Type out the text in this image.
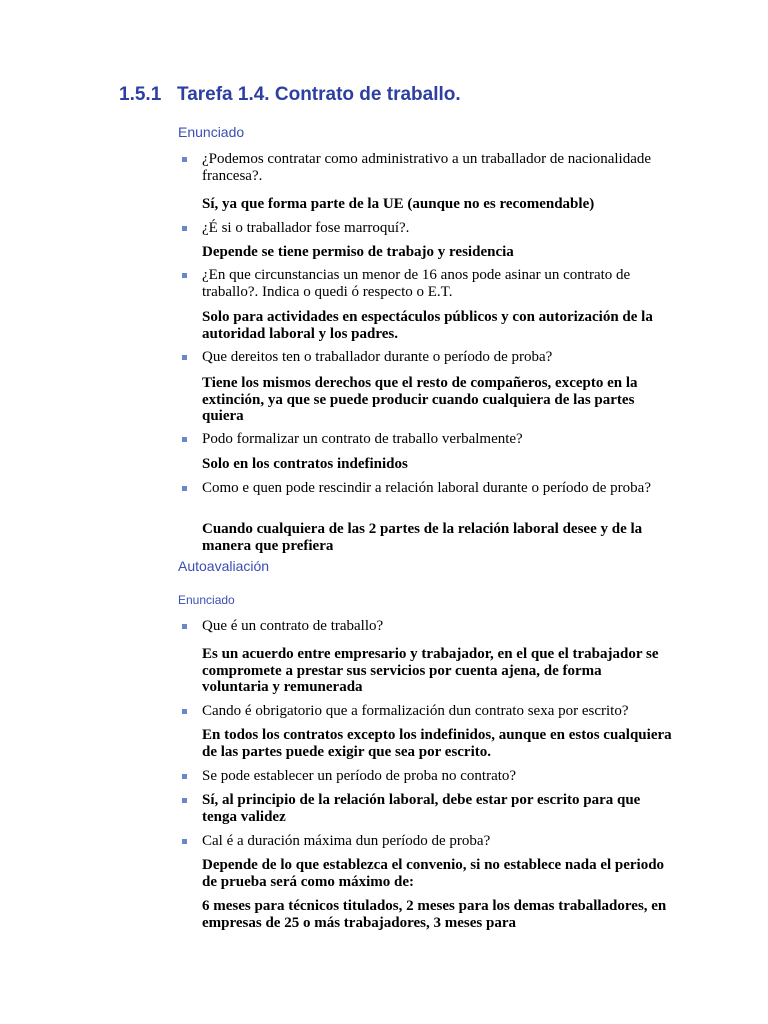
1.5.1 Tarefa 1.4. Contrato de traballo.
Enunciado
¿Podemos contratar como administrativo a un traballador de nacionalidade francesa?.
Sí, ya que forma parte de la UE (aunque no es recomendable)
¿É si o traballador fose marroquí?.
Depende se tiene permiso de trabajo y residencia
¿En que circunstancias un menor de 16 anos pode asinar un contrato de traballo?. Indica o quedi ó respecto o E.T.
Solo para actividades en espectáculos públicos y con autorización de la autoridad laboral y los padres.
Que dereitos ten o traballador durante o período de proba?
Tiene los mismos derechos que el resto de compañeros, excepto en la extinción, ya que se puede producir cuando cualquiera de las partes quiera
Podo formalizar un contrato de traballo verbalmente?
Solo en los contratos indefinidos
Como e quen pode rescindir a relación laboral durante o período de proba?
Cuando cualquiera de las 2 partes de la relación laboral desee y de la manera que prefiera
Autoavaliación
Enunciado
Que é un contrato de traballo?
Es un acuerdo entre empresario y trabajador, en el que el trabajador se compromete a prestar sus servicios por cuenta ajena, de forma voluntaria y remunerada
Cando é obrigatorio que a formalización dun contrato sexa por escrito?
En todos los contratos excepto los indefinidos, aunque en estos cualquiera de las partes puede exigir que sea por escrito.
Se pode establecer un período de proba no contrato?
Sí, al principio de la relación laboral, debe estar por escrito para que tenga validez
Cal é a duración máxima dun período de proba?
Depende de lo que establezca el convenio, si no establece nada el periodo de prueba será como máximo de:
6 meses para técnicos titulados, 2 meses para los demas traballadores, en empresas de 25 o más trabajadores, 3 meses para
